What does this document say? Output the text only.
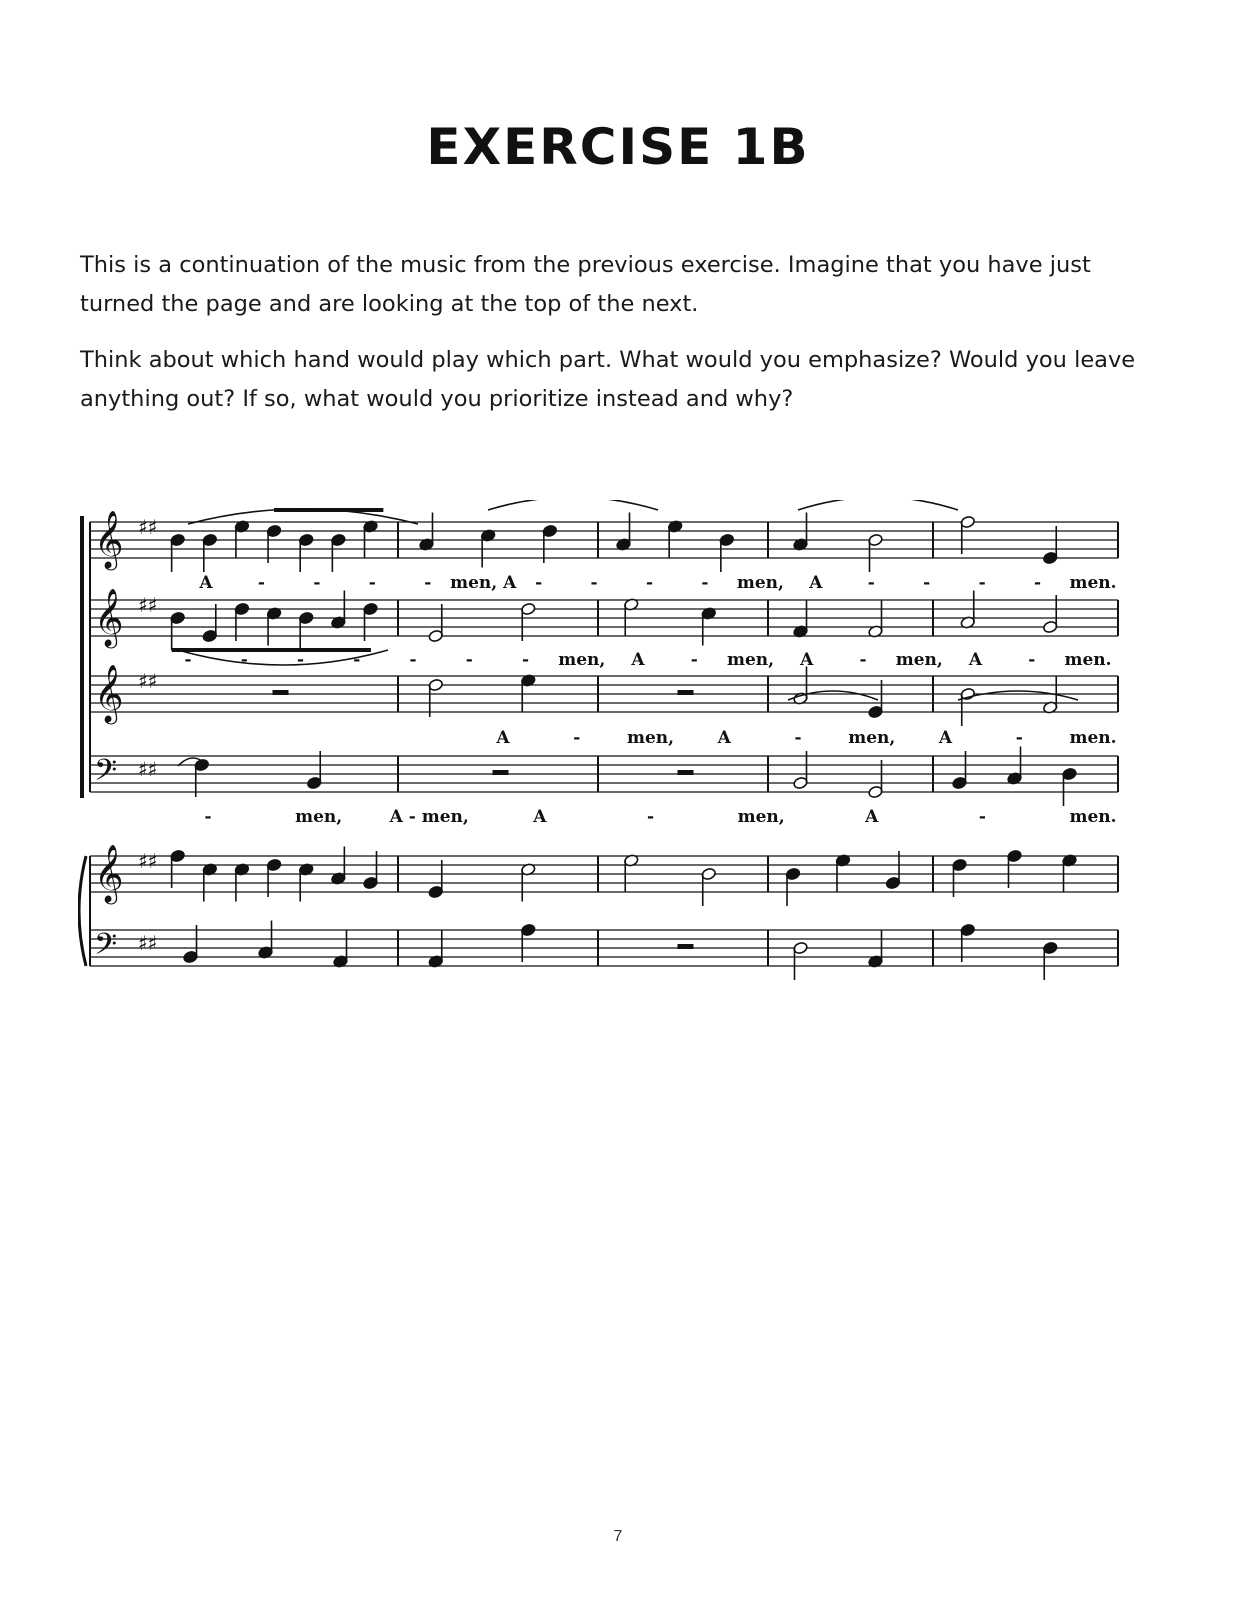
EXERCISE 1B

This is a continuation of the music from the previous exercise. Imagine that you have just turned the page and are looking at the top of the next.

Think about which hand would play which part. What would you emphasize? Would you leave anything out? If so, what would you prioritize instead and why?

𝄞 ♯♯
𝄞 ♯♯
𝄞 ♯♯
𝄢 ♯♯
𝄞 ♯♯
𝄢 ♯♯
A	-	-	-	- men, A -	-	-	- men, A	-	-	-	- men.
-	-	-	-	-	-	- men, A	- men, A	- men, A	- men.
A	-	men,	A	-	men,	A	-	men.
-	men,	A - men,	A	-	men,	A	-	men.
7
